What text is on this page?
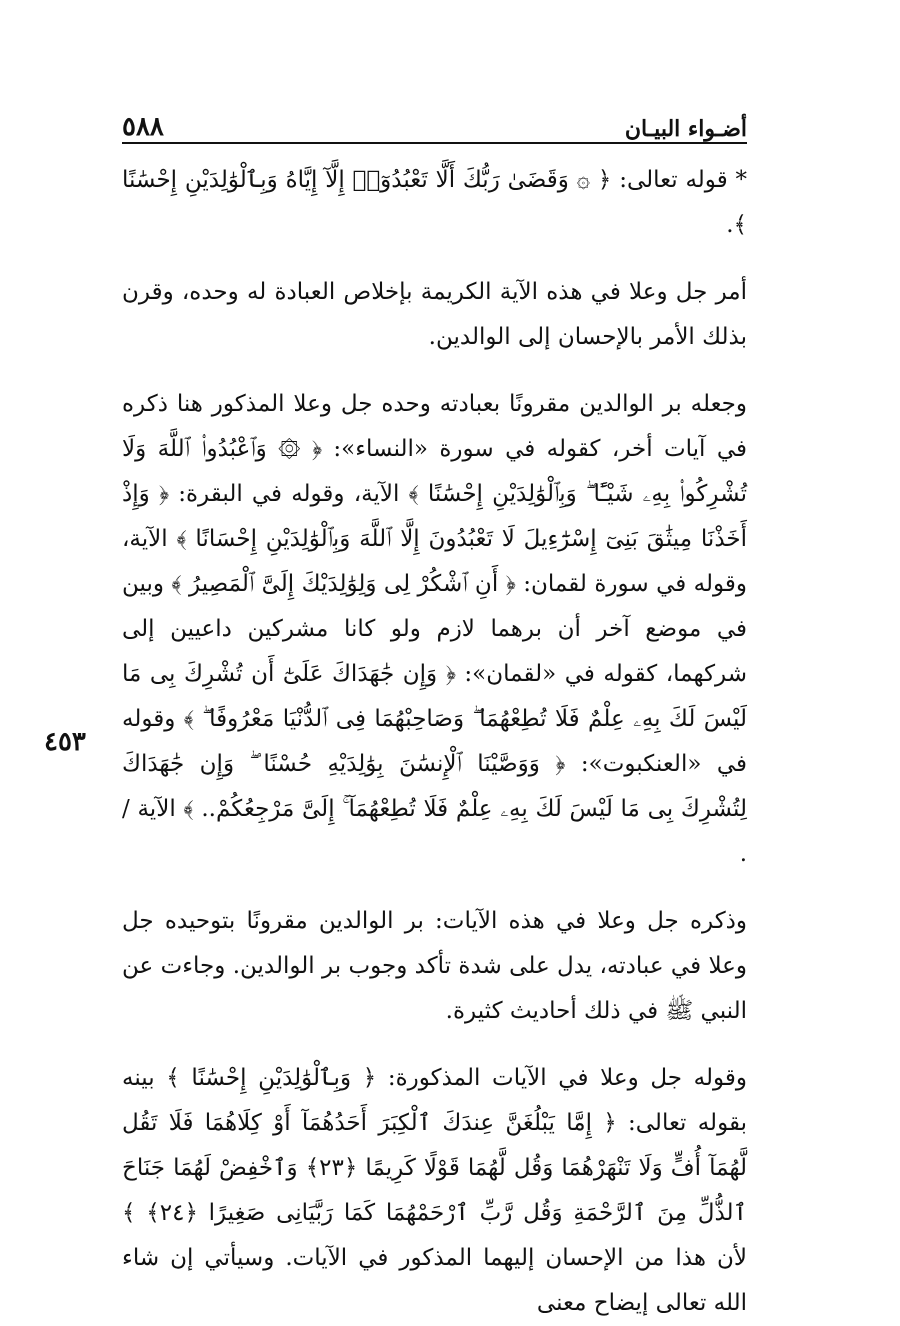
أضـواء البيـان
٥٨٨

* قوله تعالى: ﴿ ۞ وَقَضَىٰ رَبُّكَ أَلَّا تَعْبُدُوٓا۟ إِلَّآ إِيَّاهُ وَبِٱلْوَٰلِدَيْنِ إِحْسَٰنًا ﴾.

أمر جل وعلا في هذه الآية الكريمة بإخلاص العبادة له وحده، وقرن بذلك الأمر بالإحسان إلى الوالدين.

وجعله بر الوالدين مقرونًا بعبادته وحده جل وعلا المذكور هنا ذكره في آيات أخر، كقوله في سورة «النساء»: ﴿ ۞ وَٱعْبُدُوا۟ ٱللَّهَ وَلَا تُشْرِكُوا۟ بِهِۦ شَيْـًٔا ۖ وَبِٱلْوَٰلِدَيْنِ إِحْسَٰنًا ﴾ الآية، وقوله في البقرة: ﴿ وَإِذْ أَخَذْنَا مِيثَٰقَ بَنِىٓ إِسْرَٰٓءِيلَ لَا تَعْبُدُونَ إِلَّا ٱللَّهَ وَبِٱلْوَٰلِدَيْنِ إِحْسَانًا ﴾ الآية، وقوله في سورة لقمان: ﴿ أَنِ ٱشْكُرْ لِى وَلِوَٰلِدَيْكَ إِلَىَّ ٱلْمَصِيرُ ﴾ وبين في موضع آخر أن برهما لازم ولو كانا مشركين داعيين إلى شركهما، كقوله في «لقمان»: ﴿ وَإِن جَٰهَدَاكَ عَلَىٰٓ أَن تُشْرِكَ بِى مَا لَيْسَ لَكَ بِهِۦ عِلْمٌ فَلَا تُطِعْهُمَا ۖ وَصَاحِبْهُمَا فِى ٱلدُّنْيَا مَعْرُوفًا ۖ ﴾ وقوله في «العنكبوت»: ﴿ وَوَصَّيْنَا ٱلْإِنسَٰنَ بِوَٰلِدَيْهِ حُسْنًا ۖ وَإِن جَٰهَدَاكَ لِتُشْرِكَ بِى مَا لَيْسَ لَكَ بِهِۦ عِلْمٌ فَلَا تُطِعْهُمَآ ۚ إِلَىَّ مَرْجِعُكُمْ.. ﴾ الآية / .

وذكره جل وعلا في هذه الآيات: بر الوالدين مقرونًا بتوحيده جل وعلا في عبادته، يدل على شدة تأكد وجوب بر الوالدين. وجاءت عن النبي ﷺ في ذلك أحاديث كثيرة.

وقوله جل وعلا في الآيات المذكورة: ﴿ وَبِٱلْوَٰلِدَيْنِ إِحْسَٰنًا ﴾ بينه بقوله تعالى: ﴿ إِمَّا يَبْلُغَنَّ عِندَكَ ٱلْكِبَرَ أَحَدُهُمَآ أَوْ كِلَاهُمَا فَلَا تَقُل لَّهُمَآ أُفٍّ وَلَا تَنْهَرْهُمَا وَقُل لَّهُمَا قَوْلًا كَرِيمًا ﴿٢٣﴾ وَٱخْفِضْ لَهُمَا جَنَاحَ ٱلذُّلِّ مِنَ ٱلرَّحْمَةِ وَقُل رَّبِّ ٱرْحَمْهُمَا كَمَا رَبَّيَانِى صَغِيرًا ﴿٢٤﴾ ﴾ لأن هذا من الإحسان إليهما المذكور في الآيات. وسيأتي إن شاء الله تعالى إيضاح معنى

٤٥٣
